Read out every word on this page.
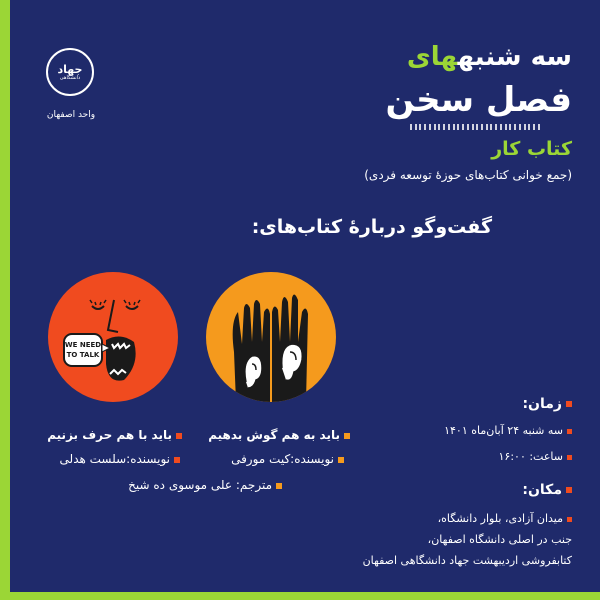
جهاد
دانشگاهی
واحد اصفهان
سه شنبههای
فصل سخن
کتاب کار
(جمع خوانی کتاب‌های حوزهٔ توسعه فردی)
گفت‌وگو دربارهٔ کتاب‌های:
WE NEED
TO TALK
باید به هم گوش بدهیم
نویسنده:کیت مورفی
باید با هم حرف بزنیم
نویسنده:سلست هدلی
مترجم: علی موسوی ده شیخ
زمان:
سه شنبه ۲۴ آبان‌ماه ۱۴۰۱
ساعت: ۱۶:۰۰
مکان:
میدان آزادی، بلوار دانشگاه،
جنب در اصلی دانشگاه اصفهان،
کتابفروشی اردیبهشت جهاد دانشگاهی اصفهان
